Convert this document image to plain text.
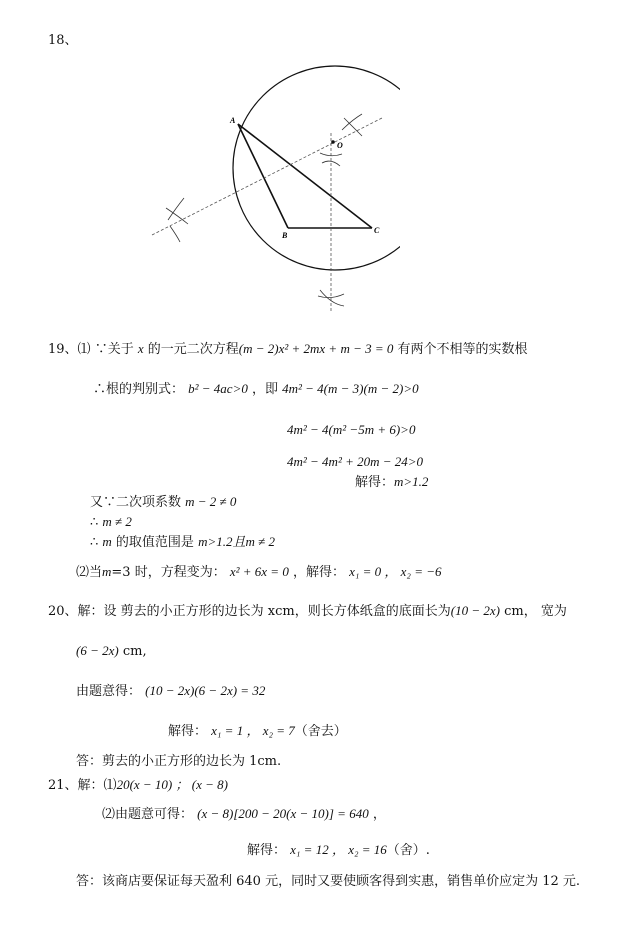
18、
O
A
B
C
19、⑴ ∵关于 x 的一元二次方程(m − 2)x² + 2mx + m − 3 = 0 有两个不相等的实数根
∴根的判别式： b² − 4ac>0 ，即 4m² − 4(m − 3)(m − 2)>0
4m² − 4(m² −5m + 6)>0
4m² − 4m² + 20m − 24>0
解得：m>1.2
又∵二次项系数 m − 2 ≠ 0
∴ m ≠ 2
∴ m 的取值范围是 m>1.2且m ≠ 2
⑵当m=3 时，方程变为： x² + 6x = 0 ，解得： x₁ = 0 ， x₂ = −6
20、解：设 剪去的小正方形的边长为 xcm，则长方体纸盒的底面长为(10 − 2x) cm， 宽为
(6 − 2x) cm,
由题意得： (10 − 2x)(6 − 2x) = 32
解得： x₁ = 1 ， x₂ = 7（舍去）
答：剪去的小正方形的边长为 1cm.
21、解：⑴20(x − 10) ； (x − 8)
⑵由题意可得： (x − 8)[200 − 20(x − 10)] = 640 ，
解得： x₁ = 12 ， x₂ = 16（舍）.
答：该商店要保证每天盈利 640 元，同时又要使顾客得到实惠，销售单价应定为 12 元.
